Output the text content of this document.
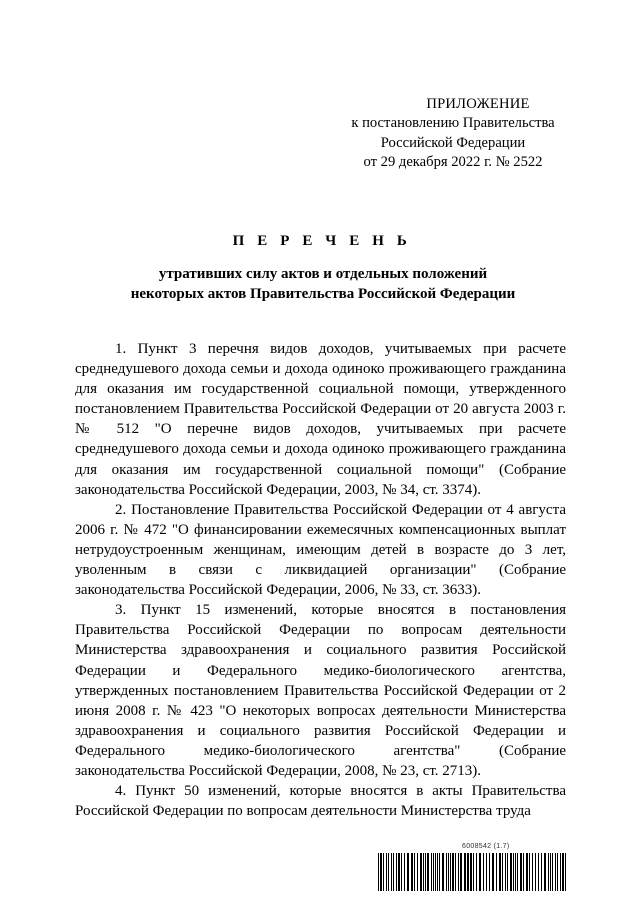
ПРИЛОЖЕНИЕ
к постановлению Правительства
Российской Федерации
от 29 декабря 2022 г. № 2522
П Е Р Е Ч Е Н Ь
утративших силу актов и отдельных положений
некоторых актов Правительства Российской Федерации

1. Пункт 3 перечня видов доходов, учитываемых при расчете среднедушевого дохода семьи и дохода одиноко проживающего гражданина для оказания им государственной социальной помощи, утвержденного постановлением Правительства Российской Федерации от 20 августа 2003 г. № 512 "О перечне видов доходов, учитываемых при расчете среднедушевого дохода семьи и дохода одиноко проживающего гражданина для оказания им государственной социальной помощи" (Собрание законодательства Российской Федерации, 2003, № 34, ст. 3374).

2. Постановление Правительства Российской Федерации от 4 августа 2006 г. № 472 "О финансировании ежемесячных компенсационных выплат нетрудоустроенным женщинам, имеющим детей в возрасте до 3 лет, уволенным в связи с ликвидацией организации" (Собрание законодательства Российской Федерации, 2006, № 33, ст. 3633).

3. Пункт 15 изменений, которые вносятся в постановления Правительства Российской Федерации по вопросам деятельности Министерства здравоохранения и социального развития Российской Федерации и Федерального медико-биологического агентства, утвержденных постановлением Правительства Российской Федерации от 2 июня 2008 г. № 423 "О некоторых вопросах деятельности Министерства здравоохранения и социального развития Российской Федерации и Федерального медико-биологического агентства" (Собрание законодательства Российской Федерации, 2008, № 23, ст. 2713).

4. Пункт 50 изменений, которые вносятся в акты Правительства Российской Федерации по вопросам деятельности Министерства труда

6008542 (1.7)
